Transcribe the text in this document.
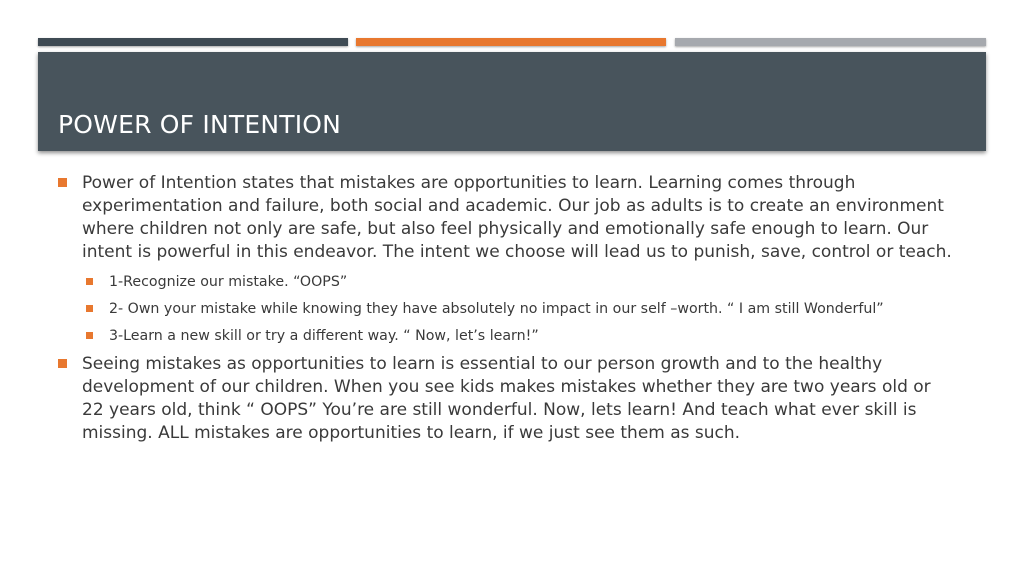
POWER OF INTENTION
Power of Intention states that mistakes are opportunities to learn. Learning comes through experimentation and failure, both social and academic. Our job as adults is to create an environment where children not only are safe, but also feel physically and emotionally safe enough to learn. Our intent is powerful in this endeavor. The intent we choose will lead us to punish, save, control or teach.
1-Recognize our mistake. “OOPS”
2- Own your mistake while knowing they have absolutely no impact in our self –worth. “ I am still Wonderful”
3-Learn a new skill or try a different way. “ Now, let’s learn!”
Seeing mistakes as opportunities to learn is essential to our person growth and to the healthy development of our children. When you see kids makes mistakes whether they are two years old or 22 years old, think “ OOPS” You’re are still wonderful. Now, lets learn! And teach what ever skill is missing. ALL mistakes are opportunities to learn, if we just see them as such.
